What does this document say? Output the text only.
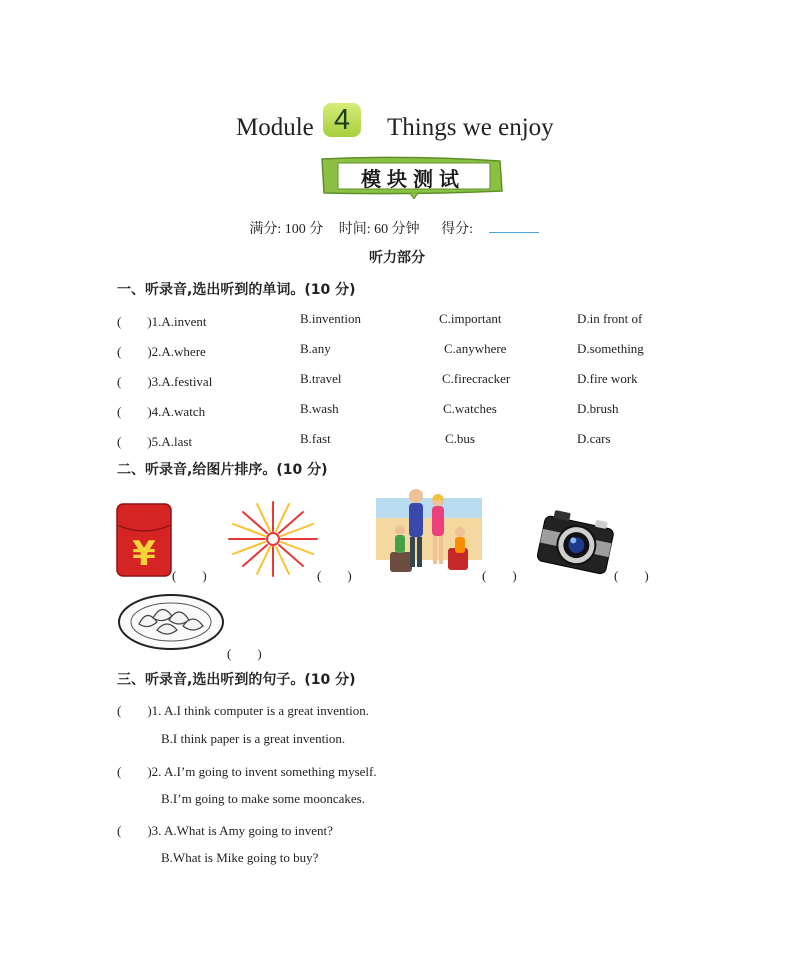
Module 4	Things we enjoy
模块测试
满分: 100 分 时间: 60 分钟 得分:
听力部分
一、听录音,选出听到的单词。(10 分)
(　　)1.A.invent	B.invention	C.important	D.in front of
(　　)2.A.where	B.any	C.anywhere	D.something
(　　)3.A.festival	B.travel	C.firecracker	D.fire work
(　　)4.A.watch	B.wash	C.watches	D.brush
(　　)5.A.last	B.fast	C.bus	D.cars
二、听录音,给图片排序。(10 分)
¥
(　　)	(　　)	(　　)	(　　)
(　　)
三、听录音,选出听到的句子。(10 分)
(　　)1. A.I think computer is a great invention.
B.I think paper is a great invention.
(　　)2. A.I’m going to invent something myself.
B.I’m going to make some mooncakes.
(　　)3. A.What is Amy going to invent?
B.What is Mike going to buy?
